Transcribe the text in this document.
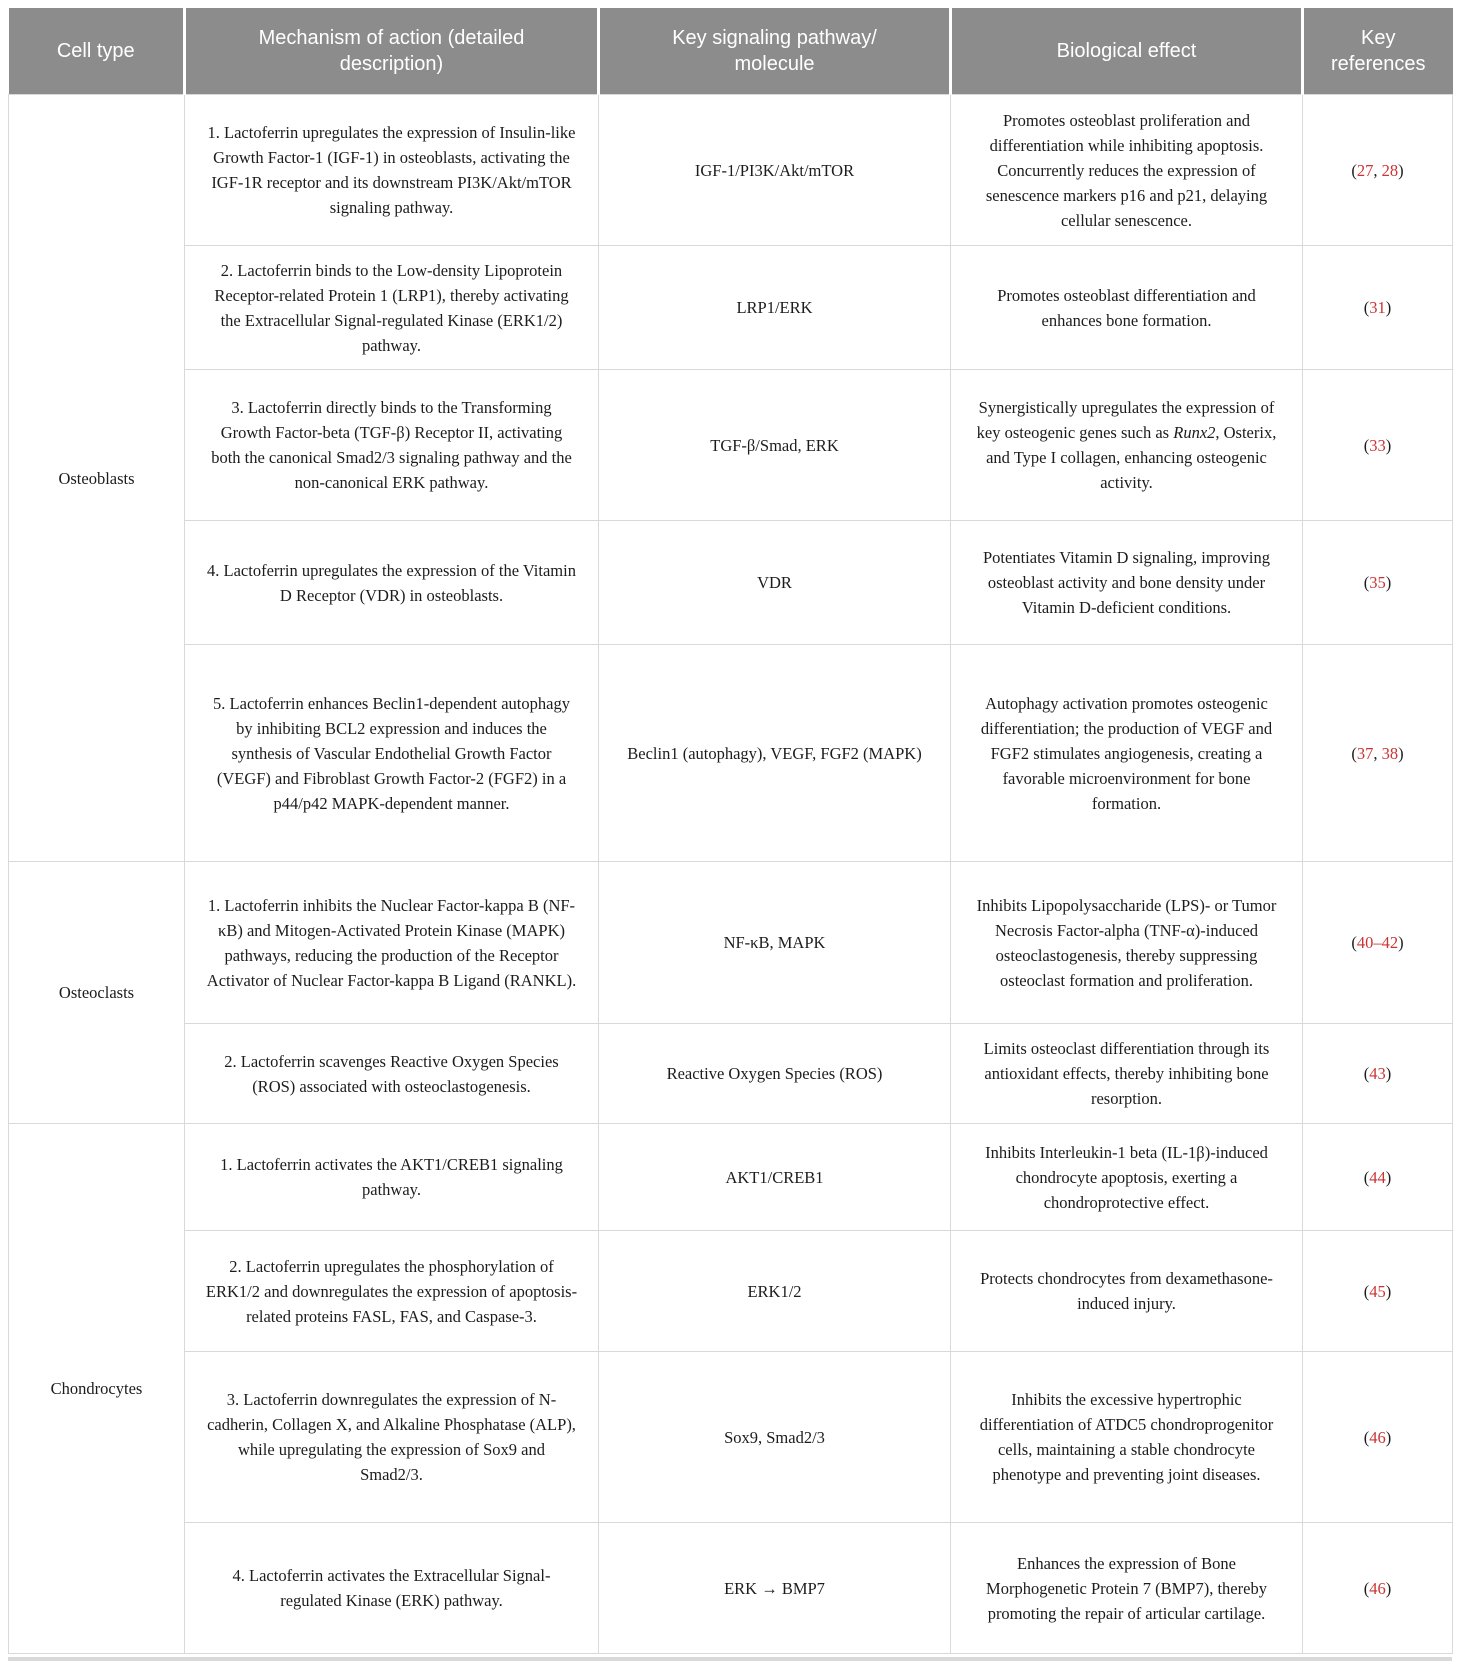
Cell type	Mechanism of action (detailed description)	Key signaling pathway/ molecule	Biological effect	Key references
Osteoblasts	1. Lactoferrin upregulates the expression of Insulin-like Growth Factor-1 (IGF-1) in osteoblasts, activating the IGF-1R receptor and its downstream PI3K/Akt/mTOR signaling pathway.	IGF-1/PI3K/Akt/mTOR	Promotes osteoblast proliferation and differentiation while inhibiting apoptosis. Concurrently reduces the expression of senescence markers p16 and p21, delaying cellular senescence.	(27, 28)
	2. Lactoferrin binds to the Low-density Lipoprotein Receptor-related Protein 1 (LRP1), thereby activating the Extracellular Signal-regulated Kinase (ERK1/2) pathway.	LRP1/ERK	Promotes osteoblast differentiation and enhances bone formation.	(31)
	3. Lactoferrin directly binds to the Transforming Growth Factor-beta (TGF-β) Receptor II, activating both the canonical Smad2/3 signaling pathway and the non-canonical ERK pathway.	TGF-β/Smad, ERK	Synergistically upregulates the expression of key osteogenic genes such as Runx2, Osterix, and Type I collagen, enhancing osteogenic activity.	(33)
	4. Lactoferrin upregulates the expression of the Vitamin D Receptor (VDR) in osteoblasts.	VDR	Potentiates Vitamin D signaling, improving osteoblast activity and bone density under Vitamin D-deficient conditions.	(35)
	5. Lactoferrin enhances Beclin1-dependent autophagy by inhibiting BCL2 expression and induces the synthesis of Vascular Endothelial Growth Factor (VEGF) and Fibroblast Growth Factor-2 (FGF2) in a p44/p42 MAPK-dependent manner.	Beclin1 (autophagy), VEGF, FGF2 (MAPK)	Autophagy activation promotes osteogenic differentiation; the production of VEGF and FGF2 stimulates angiogenesis, creating a favorable microenvironment for bone formation.	(37, 38)
Osteoclasts	1. Lactoferrin inhibits the Nuclear Factor-kappa B (NF-κB) and Mitogen-Activated Protein Kinase (MAPK) pathways, reducing the production of the Receptor Activator of Nuclear Factor-kappa B Ligand (RANKL).	NF-κB, MAPK	Inhibits Lipopolysaccharide (LPS)- or Tumor Necrosis Factor-alpha (TNF-α)-induced osteoclastogenesis, thereby suppressing osteoclast formation and proliferation.	(40–42)
	2. Lactoferrin scavenges Reactive Oxygen Species (ROS) associated with osteoclastogenesis.	Reactive Oxygen Species (ROS)	Limits osteoclast differentiation through its antioxidant effects, thereby inhibiting bone resorption.	(43)
Chondrocytes	1. Lactoferrin activates the AKT1/CREB1 signaling pathway.	AKT1/CREB1	Inhibits Interleukin-1 beta (IL-1β)-induced chondrocyte apoptosis, exerting a chondroprotective effect.	(44)
	2. Lactoferrin upregulates the phosphorylation of ERK1/2 and downregulates the expression of apoptosis-related proteins FASL, FAS, and Caspase-3.	ERK1/2	Protects chondrocytes from dexamethasone-induced injury.	(45)
	3. Lactoferrin downregulates the expression of N-cadherin, Collagen X, and Alkaline Phosphatase (ALP), while upregulating the expression of Sox9 and Smad2/3.	Sox9, Smad2/3	Inhibits the excessive hypertrophic differentiation of ATDC5 chondroprogenitor cells, maintaining a stable chondrocyte phenotype and preventing joint diseases.	(46)
	4. Lactoferrin activates the Extracellular Signal-regulated Kinase (ERK) pathway.	ERK → BMP7	Enhances the expression of Bone Morphogenetic Protein 7 (BMP7), thereby promoting the repair of articular cartilage.	(46)
